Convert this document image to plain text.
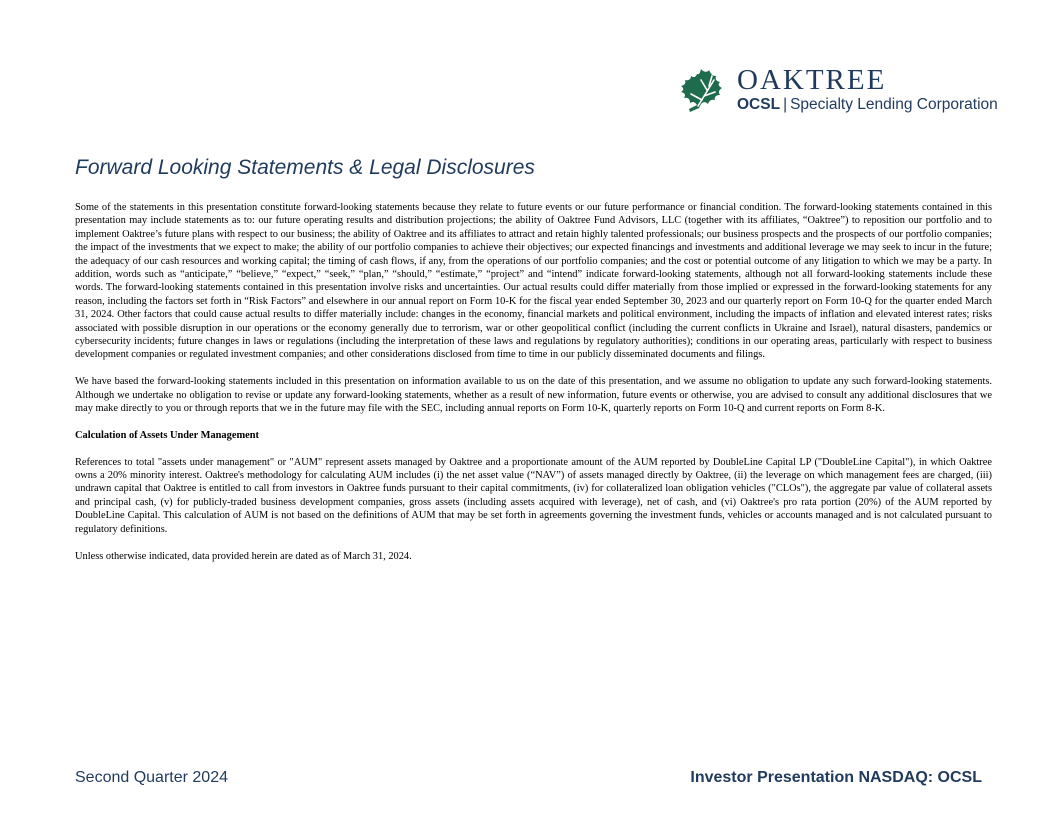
OAKTREE
OCSL | Specialty Lending Corporation
Forward Looking Statements & Legal Disclosures

Some of the statements in this presentation constitute forward-looking statements because they relate to future events or our future performance or financial condition. The forward-looking statements contained in this presentation may include statements as to: our future operating results and distribution projections; the ability of Oaktree Fund Advisors, LLC (together with its affiliates, “Oaktree”) to reposition our portfolio and to implement Oaktree’s future plans with respect to our business; the ability of Oaktree and its affiliates to attract and retain highly talented professionals; our business prospects and the prospects of our portfolio companies; the impact of the investments that we expect to make; the ability of our portfolio companies to achieve their objectives; our expected financings and investments and additional leverage we may seek to incur in the future; the adequacy of our cash resources and working capital; the timing of cash flows, if any, from the operations of our portfolio companies; and the cost or potential outcome of any litigation to which we may be a party. In addition, words such as “anticipate,” “believe,” “expect,” “seek,” “plan,” “should,” “estimate,” “project” and “intend” indicate forward-looking statements, although not all forward-looking statements include these words. The forward-looking statements contained in this presentation involve risks and uncertainties. Our actual results could differ materially from those implied or expressed in the forward-looking statements for any reason, including the factors set forth in “Risk Factors” and elsewhere in our annual report on Form 10-K for the fiscal year ended September 30, 2023 and our quarterly report on Form 10-Q for the quarter ended March 31, 2024. Other factors that could cause actual results to differ materially include: changes in the economy, financial markets and political environment, including the impacts of inflation and elevated interest rates; risks associated with possible disruption in our operations or the economy generally due to terrorism, war or other geopolitical conflict (including the current conflicts in Ukraine and Israel), natural disasters, pandemics or cybersecurity incidents; future changes in laws or regulations (including the interpretation of these laws and regulations by regulatory authorities); conditions in our operating areas, particularly with respect to business development companies or regulated investment companies; and other considerations disclosed from time to time in our publicly disseminated documents and filings.

We have based the forward-looking statements included in this presentation on information available to us on the date of this presentation, and we assume no obligation to update any such forward-looking statements. Although we undertake no obligation to revise or update any forward-looking statements, whether as a result of new information, future events or otherwise, you are advised to consult any additional disclosures that we may make directly to you or through reports that we in the future may file with the SEC, including annual reports on Form 10-K, quarterly reports on Form 10-Q and current reports on Form 8-K.

Calculation of Assets Under Management

References to total "assets under management" or "AUM" represent assets managed by Oaktree and a proportionate amount of the AUM reported by DoubleLine Capital LP ("DoubleLine Capital"), in which Oaktree owns a 20% minority interest. Oaktree's methodology for calculating AUM includes (i) the net asset value (“NAV”) of assets managed directly by Oaktree, (ii) the leverage on which management fees are charged, (iii) undrawn capital that Oaktree is entitled to call from investors in Oaktree funds pursuant to their capital commitments, (iv) for collateralized loan obligation vehicles ("CLOs"), the aggregate par value of collateral assets and principal cash, (v) for publicly-traded business development companies, gross assets (including assets acquired with leverage), net of cash, and (vi) Oaktree's pro rata portion (20%) of the AUM reported by DoubleLine Capital. This calculation of AUM is not based on the definitions of AUM that may be set forth in agreements governing the investment funds, vehicles or accounts managed and is not calculated pursuant to regulatory definitions.

Unless otherwise indicated, data provided herein are dated as of March 31, 2024.

Second Quarter 2024	Investor Presentation NASDAQ: OCSL
